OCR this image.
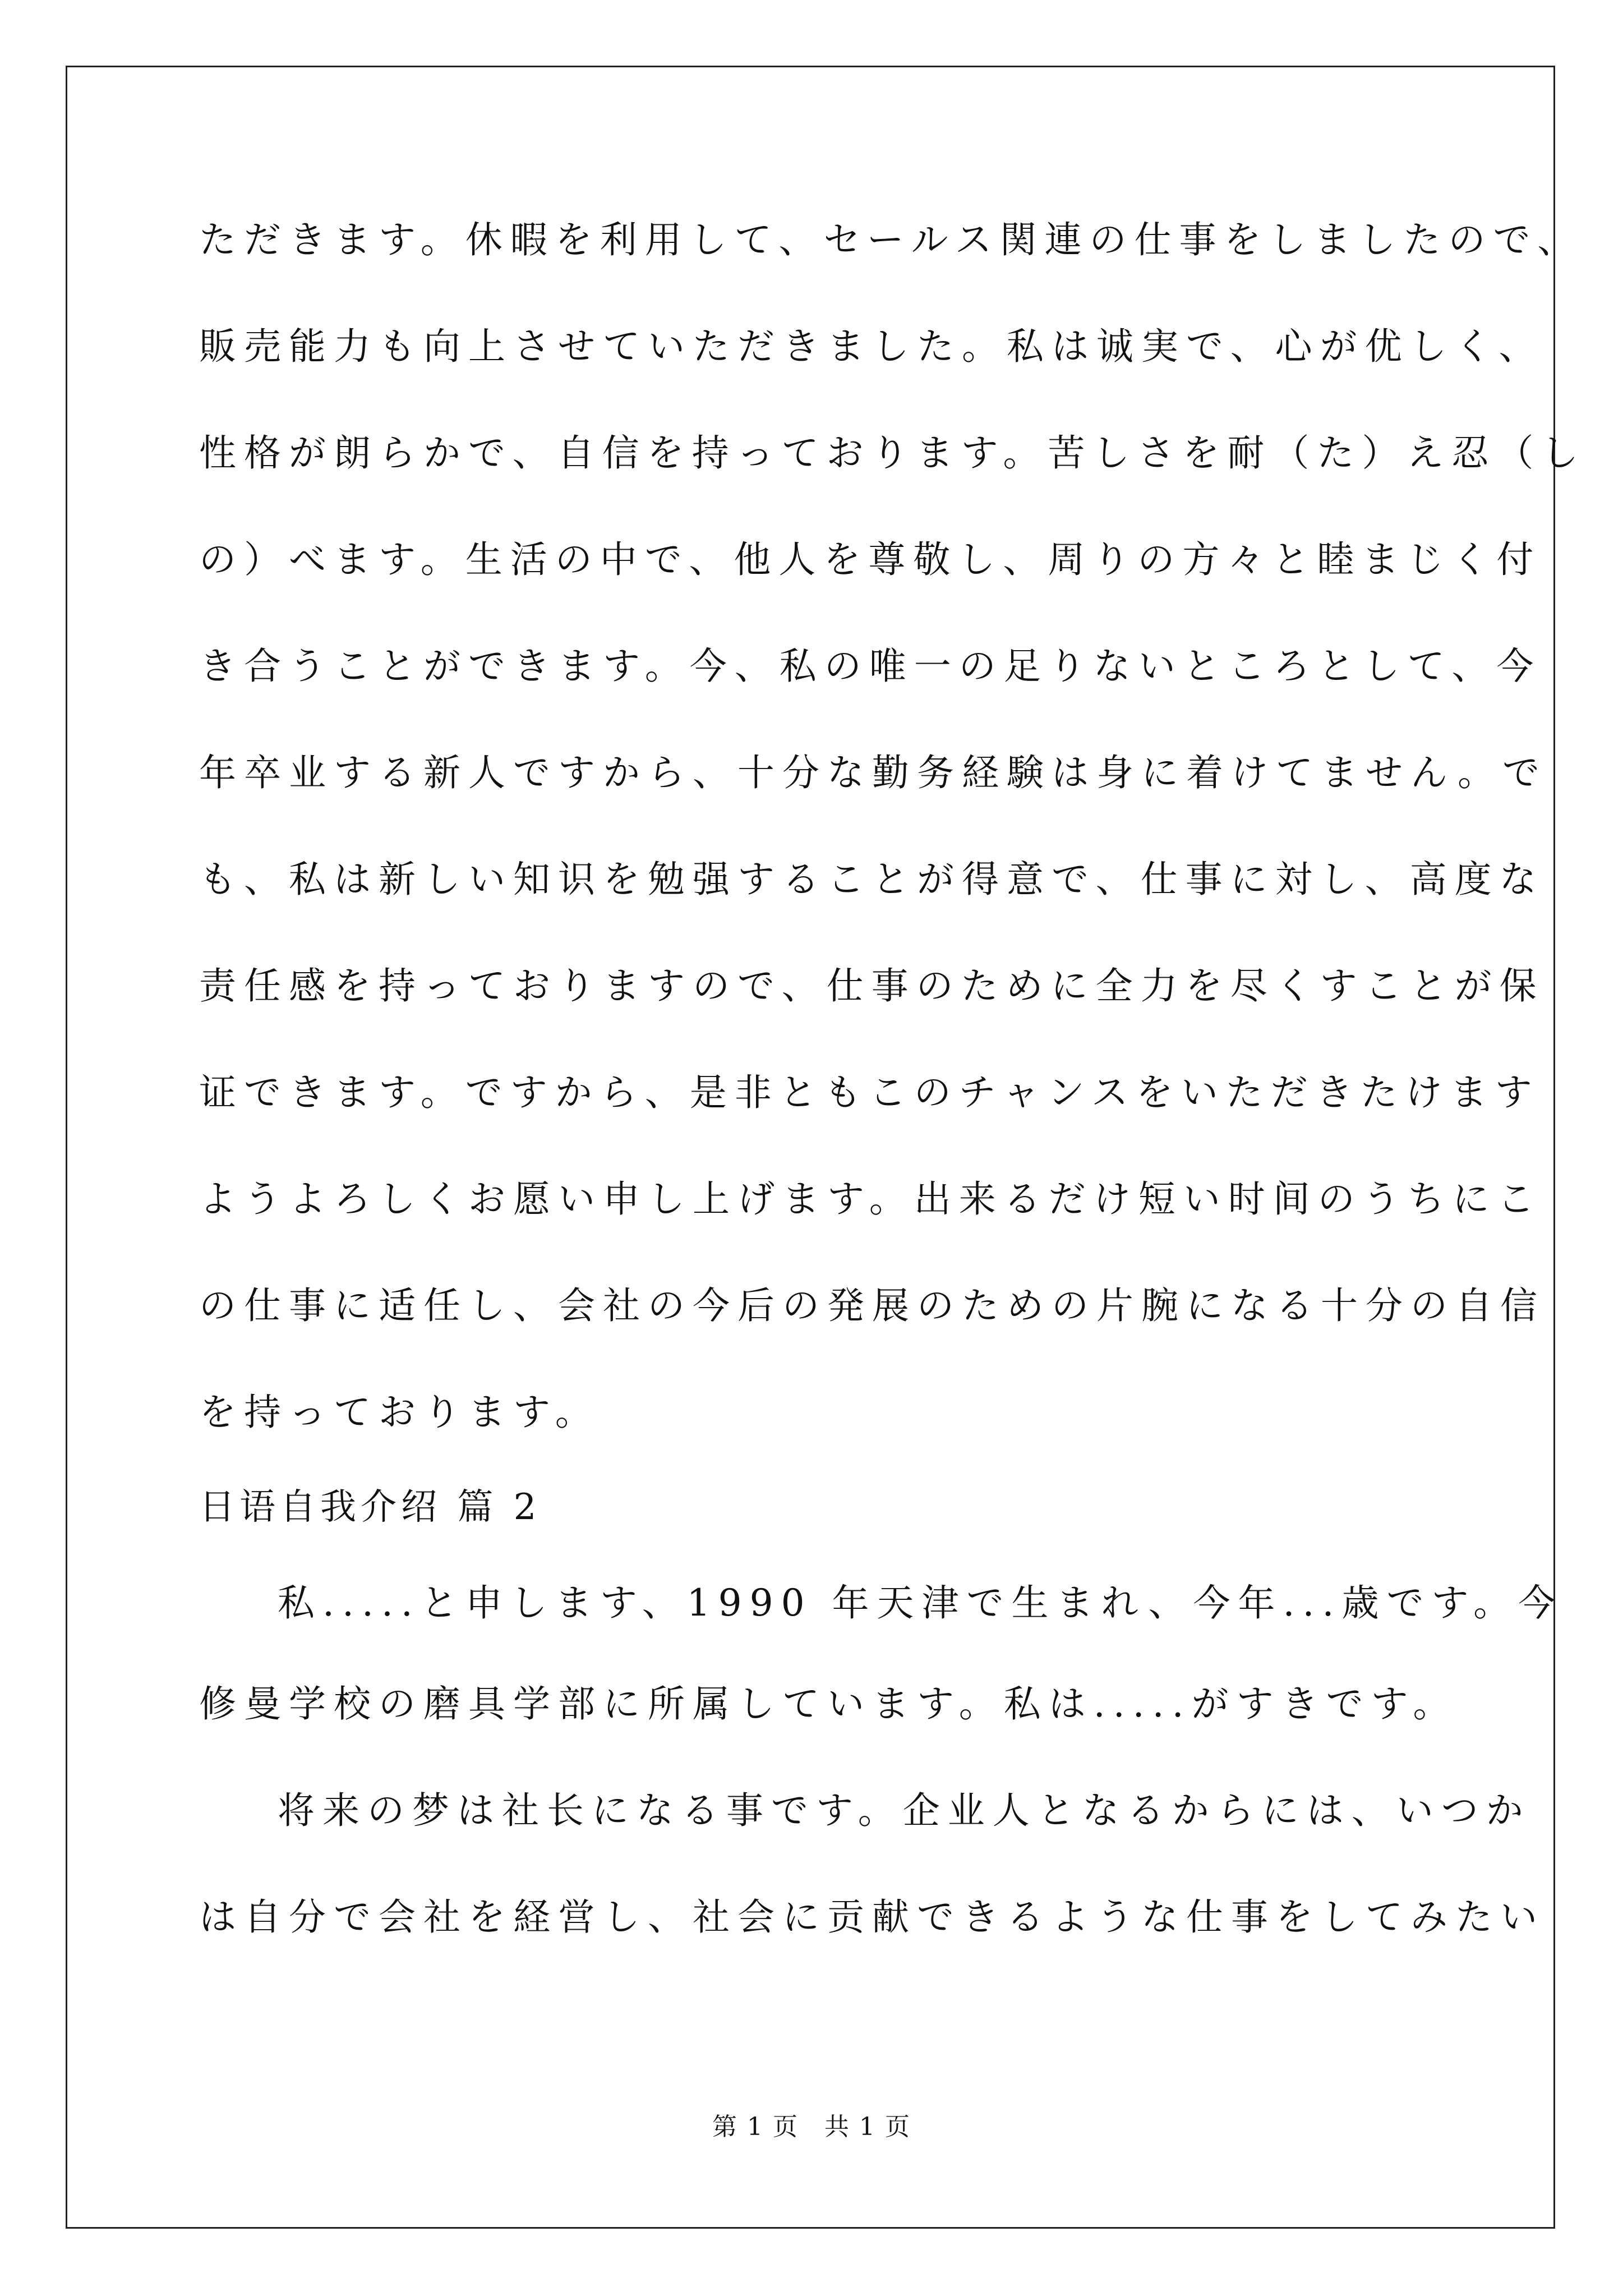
ただきます。休暇を利用して、セールス関連の仕事をしましたので、
販売能力も向上させていただきました。私は诚実で、心が优しく、
性格が朗らかで、自信を持っております。苦しさを耐（た）え忍（し
の）べます。生活の中で、他人を尊敬し、周りの方々と睦まじく付
き合うことができます。今、私の唯一の足りないところとして、今
年卒业する新人ですから、十分な勤务経験は身に着けてません。で
も、私は新しい知识を勉强することが得意で、仕事に対し、高度な
责任感を持っておりますので、仕事のために全力を尽くすことが保
证できます。ですから、是非ともこのチャンスをいただきたけます
ようよろしくお愿い申し上げます。出来るだけ短い时间のうちにこ
の仕事に适任し、会社の今后の発展のための片腕になる十分の自信
を持っております。
日语自我介绍 篇 2
私.....と申します、1990 年天津で生まれ、今年...歳です。今
修曼学校の磨具学部に所属しています。私は.....がすきです。
将来の梦は社长になる事です。企业人となるからには、いつか
は自分で会社を経営し、社会に贡献できるような仕事をしてみたい
第 1 页　共 1 页
